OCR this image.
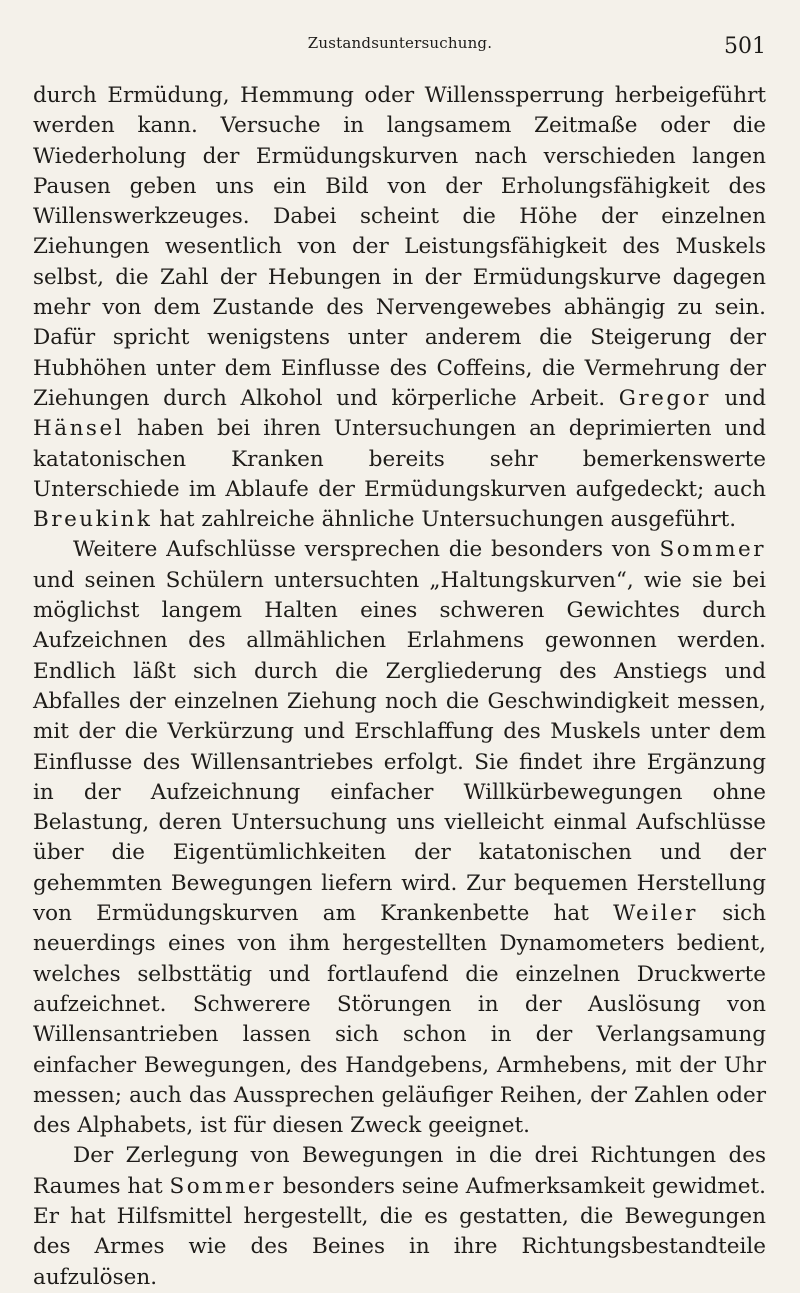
Zustandsuntersuchung.	501

durch Ermüdung, Hemmung oder Willenssperrung herbeigeführt werden kann. Versuche in langsamem Zeitmaße oder die Wiederholung der Ermüdungskurven nach verschieden langen Pausen geben uns ein Bild von der Erholungsfähigkeit des Willenswerkzeuges. Dabei scheint die Höhe der einzelnen Ziehungen wesentlich von der Leistungsfähigkeit des Muskels selbst, die Zahl der Hebungen in der Ermüdungskurve dagegen mehr von dem Zustande des Nervengewebes abhängig zu sein. Dafür spricht wenigstens unter anderem die Steigerung der Hubhöhen unter dem Einflusse des Coffeins, die Vermehrung der Ziehungen durch Alkohol und körperliche Arbeit. Gregor und Hänsel haben bei ihren Untersuchungen an deprimierten und katatonischen Kranken bereits sehr bemerkenswerte Unterschiede im Ablaufe der Ermüdungskurven aufgedeckt; auch Breukink hat zahlreiche ähnliche Untersuchungen ausgeführt.

Weitere Aufschlüsse versprechen die besonders von Sommer und seinen Schülern untersuchten „Haltungskurven“, wie sie bei möglichst langem Halten eines schweren Gewichtes durch Aufzeichnen des allmählichen Erlahmens gewonnen werden. Endlich läßt sich durch die Zergliederung des Anstiegs und Abfalles der einzelnen Ziehung noch die Geschwindigkeit messen, mit der die Verkürzung und Erschlaffung des Muskels unter dem Einflusse des Willensantriebes erfolgt. Sie findet ihre Ergänzung in der Aufzeichnung einfacher Willkürbewegungen ohne Belastung, deren Untersuchung uns vielleicht einmal Aufschlüsse über die Eigentümlichkeiten der katatonischen und der gehemmten Bewegungen liefern wird. Zur bequemen Herstellung von Ermüdungskurven am Krankenbette hat Weiler sich neuerdings eines von ihm hergestellten Dynamometers bedient, welches selbsttätig und fortlaufend die einzelnen Druckwerte aufzeichnet. Schwerere Störungen in der Auslösung von Willensantrieben lassen sich schon in der Verlangsamung einfacher Bewegungen, des Handgebens, Armhebens, mit der Uhr messen; auch das Aussprechen geläufiger Reihen, der Zahlen oder des Alphabets, ist für diesen Zweck geeignet.

Der Zerlegung von Bewegungen in die drei Richtungen des Raumes hat Sommer besonders seine Aufmerksamkeit gewidmet. Er hat Hilfsmittel hergestellt, die es gestatten, die Bewegungen des Armes wie des Beines in ihre Richtungsbestandteile aufzulösen.
